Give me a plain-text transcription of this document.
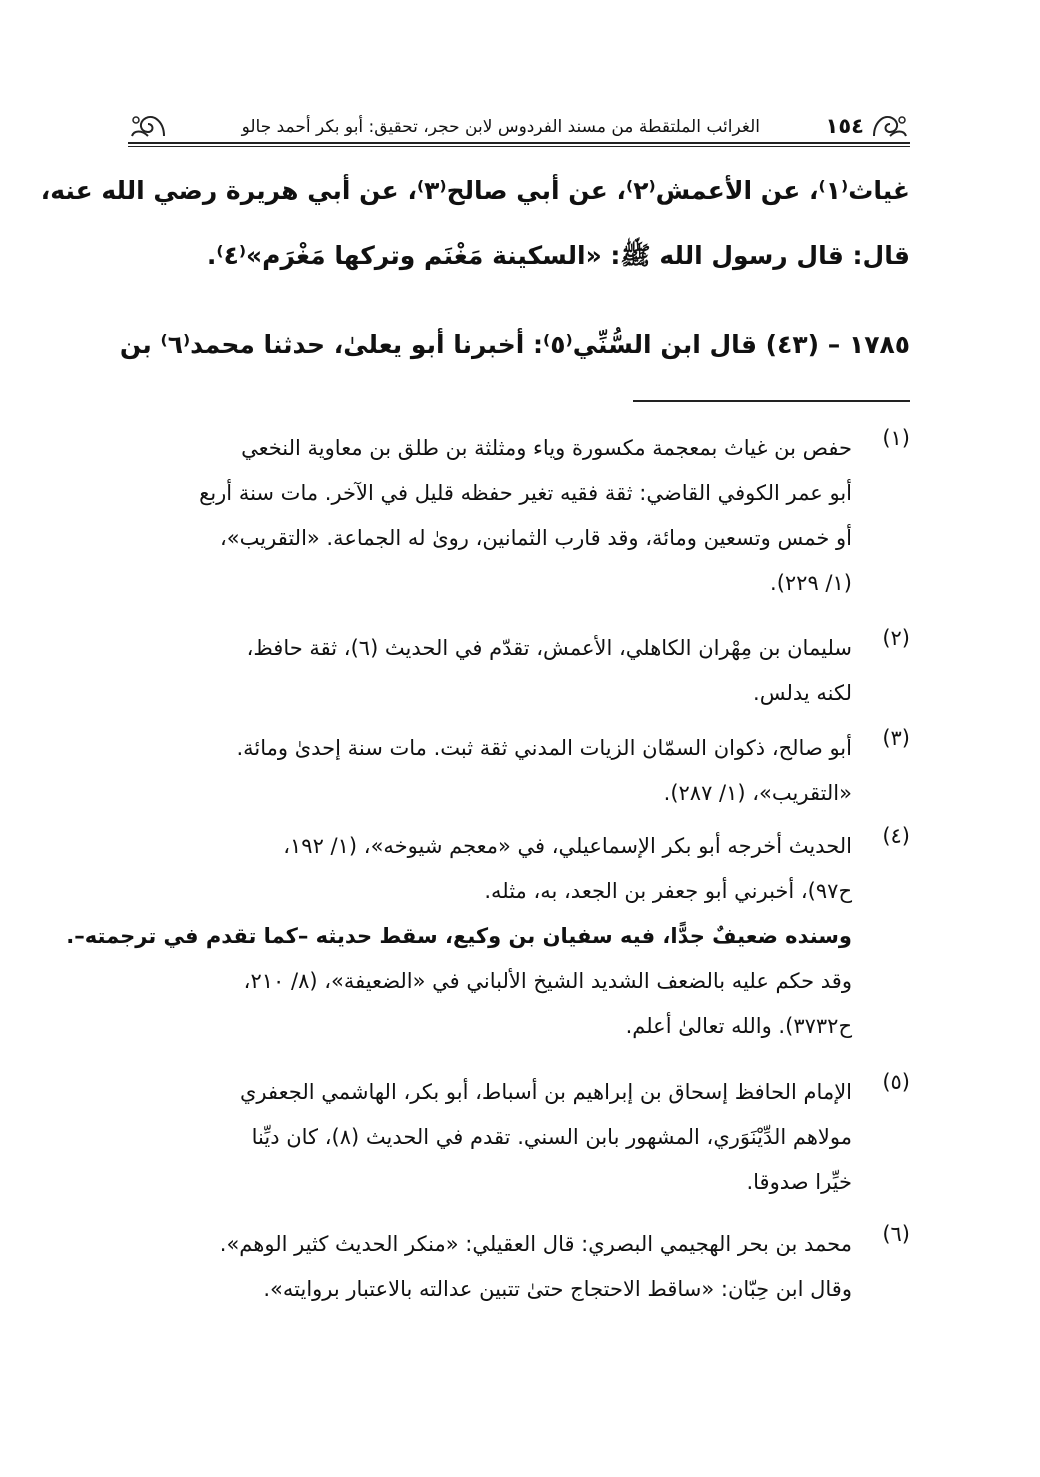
١٥٤
الغرائب الملتقطة من مسند الفردوس لابن حجر، تحقيق: أبو بكر أحمد جالو
غياث⁽١⁾، عن الأعمش⁽٢⁾، عن أبي صالح⁽٣⁾، عن أبي هريرة رضي الله عنه،
قال: قال رسول الله ﷺ: «السكينة مَغْنَم وتركها مَغْرَم»⁽٤⁾.
١٧٨٥ – (٤٣) قال ابن السُّنِّي⁽٥⁾: أخبرنا أبو يعلىٰ، حدثنا محمد⁽٦⁾ بن
(١)
حفص بن غياث بمعجمة مكسورة وياء ومثلثة بن طلق بن معاوية النخعي
أبو عمر الكوفي القاضي: ثقة فقيه تغير حفظه قليل في الآخر. مات سنة أربع
أو خمس وتسعين ومائة، وقد قارب الثمانين، روىٰ له الجماعة. «التقريب»،
(١/ ٢٢٩).
(٢)
سليمان بن مِهْران الكاهلي، الأعمش، تقدّم في الحديث (٦)، ثقة حافظ،
لكنه يدلس.
(٣)
أبو صالح، ذكوان السمّان الزيات المدني ثقة ثبت. مات سنة إحدىٰ ومائة.
«التقريب»، (١/ ٢٨٧).
(٤)
الحديث أخرجه أبو بكر الإسماعيلي، في «معجم شيوخه»، (١/ ١٩٢،
ح٩٧)، أخبرني أبو جعفر بن الجعد، به، مثله.
وسنده ضعيفٌ جدًّا، فيه سفيان بن وكيع، سقط حديثه –كما تقدم في ترجمته–.
وقد حكم عليه بالضعف الشديد الشيخ الألباني في «الضعيفة»، (٨/ ٢١٠،
ح٣٧٣٢). والله تعالىٰ أعلم.
(٥)
الإمام الحافظ إسحاق بن إبراهيم بن أسباط، أبو بكر، الهاشمي الجعفري
مولاهم الدِّيْنَوَري، المشهور بابن السني. تقدم في الحديث (٨)، كان ديِّنا
خيِّرا صدوقا.
(٦)
محمد بن بحر الهجيمي البصري: قال العقيلي: «منكر الحديث كثير الوهم».
وقال ابن حِبّان: «ساقط الاحتجاج حتىٰ تتبين عدالته بالاعتبار بروايته».
